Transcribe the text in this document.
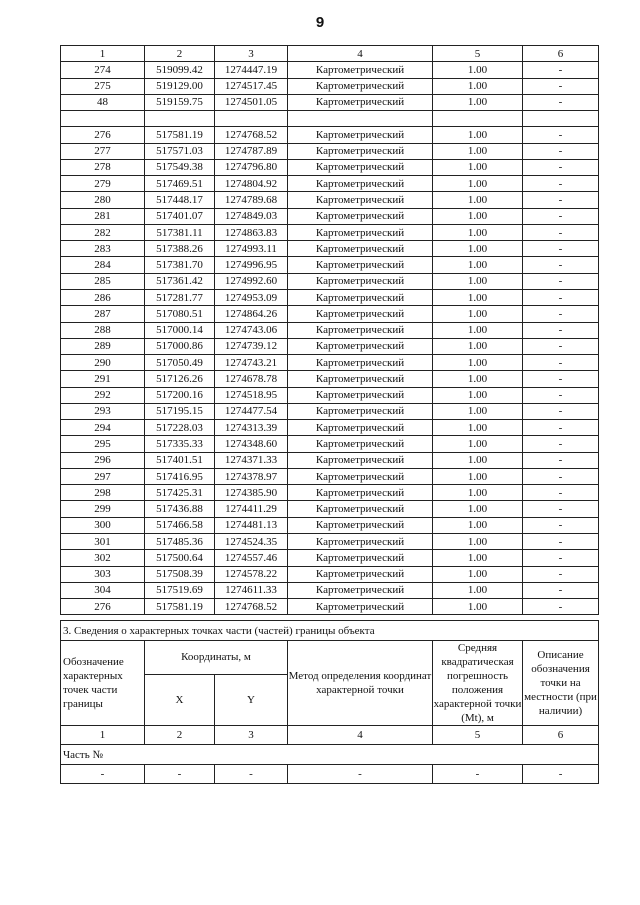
9
1	2	3	4	5	6
274	519099.42	1274447.19	Картометрический	1.00	-
275	519129.00	1274517.45	Картометрический	1.00	-
48	519159.75	1274501.05	Картометрический	1.00	-

276	517581.19	1274768.52	Картометрический	1.00	-
277	517571.03	1274787.89	Картометрический	1.00	-
278	517549.38	1274796.80	Картометрический	1.00	-
279	517469.51	1274804.92	Картометрический	1.00	-
280	517448.17	1274789.68	Картометрический	1.00	-
281	517401.07	1274849.03	Картометрический	1.00	-
282	517381.11	1274863.83	Картометрический	1.00	-
283	517388.26	1274993.11	Картометрический	1.00	-
284	517381.70	1274996.95	Картометрический	1.00	-
285	517361.42	1274992.60	Картометрический	1.00	-
286	517281.77	1274953.09	Картометрический	1.00	-
287	517080.51	1274864.26	Картометрический	1.00	-
288	517000.14	1274743.06	Картометрический	1.00	-
289	517000.86	1274739.12	Картометрический	1.00	-
290	517050.49	1274743.21	Картометрический	1.00	-
291	517126.26	1274678.78	Картометрический	1.00	-
292	517200.16	1274518.95	Картометрический	1.00	-
293	517195.15	1274477.54	Картометрический	1.00	-
294	517228.03	1274313.39	Картометрический	1.00	-
295	517335.33	1274348.60	Картометрический	1.00	-
296	517401.51	1274371.33	Картометрический	1.00	-
297	517416.95	1274378.97	Картометрический	1.00	-
298	517425.31	1274385.90	Картометрический	1.00	-
299	517436.88	1274411.29	Картометрический	1.00	-
300	517466.58	1274481.13	Картометрический	1.00	-
301	517485.36	1274524.35	Картометрический	1.00	-
302	517500.64	1274557.46	Картометрический	1.00	-
303	517508.39	1274578.22	Картометрический	1.00	-
304	517519.69	1274611.33	Картометрический	1.00	-
276	517581.19	1274768.52	Картометрический	1.00	-
3. Сведения о характерных точках части (частей) границы объекта					
Обозначение характерных точек части границы	Координаты, м		Метод определения координат характерной точки	Средняя квадратическая погрешность положения характерной точки (Mt), м	Описание обозначения точки на местности (при наличии)
	X	Y			
1	2	3	4	5	6
Часть №					
-	-	-	-	-	-
